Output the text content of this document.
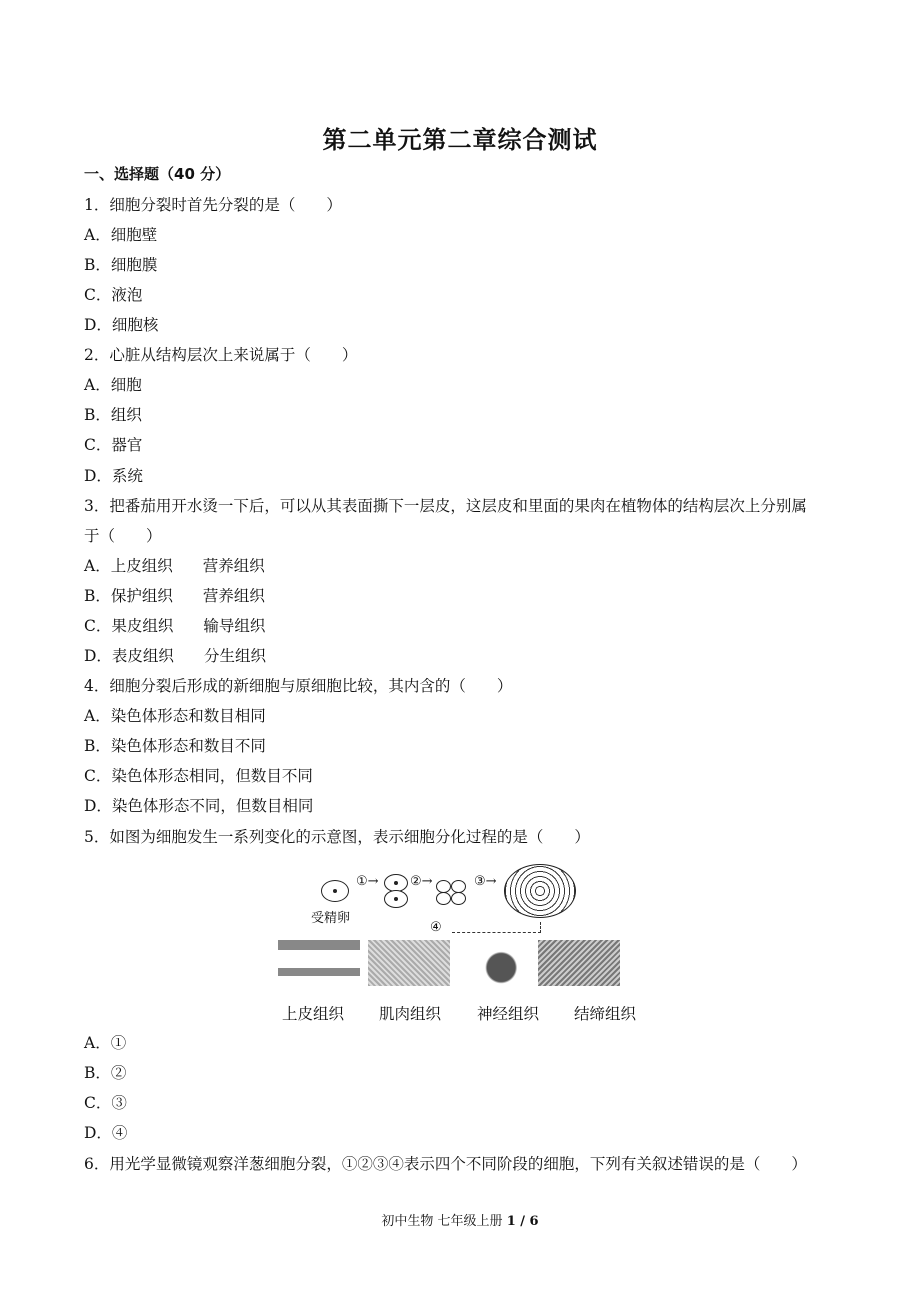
第二单元第二章综合测试
一、选择题（40 分）
1．细胞分裂时首先分裂的是（　　）
A．细胞壁
B．细胞膜
C．液泡
D．细胞核
2．心脏从结构层次上来说属于（　　）
A．细胞
B．组织
C．器官
D．系统
3．把番茄用开水烫一下后，可以从其表面撕下一层皮，这层皮和里面的果肉在植物体的结构层次上分别属
于（　　）
A．上皮组织 营养组织
B．保护组织 营养组织
C．果皮组织 输导组织
D．表皮组织 分生组织
4．细胞分裂后形成的新细胞与原细胞比较，其内含的（　　）
A．染色体形态和数目相同
B．染色体形态和数目不同
C．染色体形态相同，但数目不同
D．染色体形态不同，但数目相同
5．如图为细胞发生一系列变化的示意图，表示细胞分化过程的是（　　）
受精卵
①→ ②→	③→
④
上皮组织 肌肉组织 神经组织 结缔组织
A．①
B．②
C．③
D．④
6．用光学显微镜观察洋葱细胞分裂，①②③④表示四个不同阶段的细胞，下列有关叙述错误的是（　　）
初中生物 七年级上册 1 / 6
